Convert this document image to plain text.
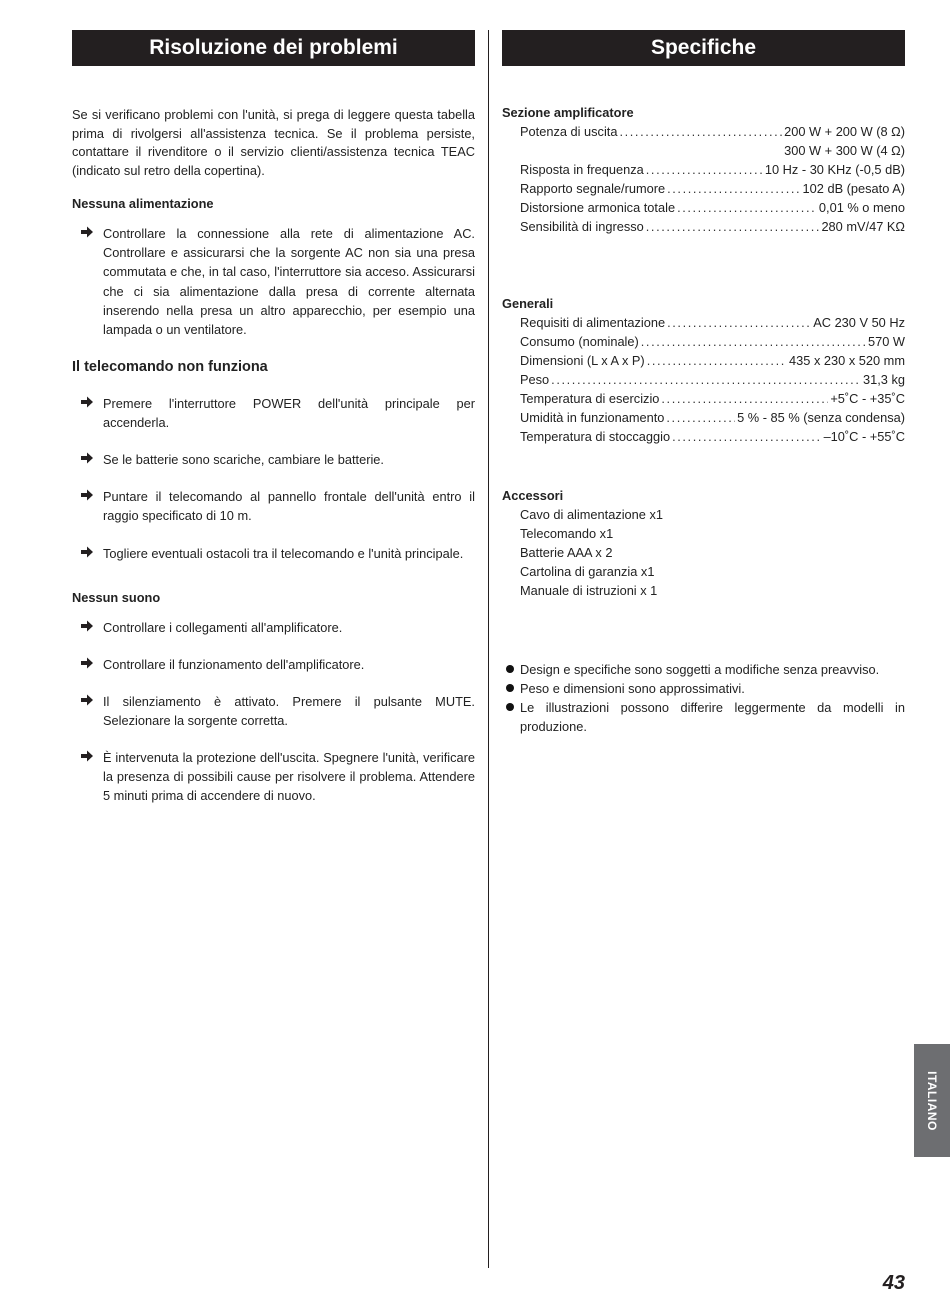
Risoluzione dei problemi

Se si verificano problemi con l'unità, si prega di leggere questa tabella prima di rivolgersi all'assistenza tecnica. Se il problema persiste, contattare il rivenditore o il servizio clienti/assistenza tecnica TEAC (indicato sul retro della copertina).

Nessuna alimentazione
Controllare la connessione alla rete di alimentazione AC. Controllare e assicurarsi che la sorgente AC non sia una presa commutata e che, in tal caso, l'interruttore sia acceso. Assicurarsi che ci sia alimentazione dalla presa di corrente alternata inserendo nella presa un altro apparecchio, per esempio una lampada o un ventilatore.
Il telecomando non funziona
Premere l'interruttore POWER dell'unità principale per accenderla.
Se le batterie sono scariche, cambiare le batterie.
Puntare il telecomando al pannello frontale dell'unità entro il raggio specificato di 10 m.
Togliere eventuali ostacoli tra il telecomando e l'unità principale.
Nessun suono
Controllare i collegamenti all'amplificatore.
Controllare il funzionamento dell'amplificatore.
Il silenziamento è attivato. Premere il pulsante MUTE. Selezionare la sorgente corretta.
È intervenuta la protezione dell'uscita. Spegnere l'unità, verificare la presenza di possibili cause per risolvere il problema. Attendere 5 minuti prima di accendere di nuovo.
Specifiche
Sezione amplificatore
Potenza di uscita .....	200 W + 200 W (8 Ω)
300 W + 300 W (4 Ω)
Risposta in frequenza .....	10 Hz - 30 KHz (-0,5 dB)
Rapporto segnale/rumore .....	102 dB (pesato A)
Distorsione armonica totale .....	0,01 % o meno
Sensibilità di ingresso .....	280 mV/47 KΩ
Generali
Requisiti di alimentazione .....	AC 230 V 50 Hz
Consumo (nominale) .....	570 W
Dimensioni (L x A x P) .....	435 x 230 x 520 mm
Peso .....	31,3 kg
Temperatura di esercizio .....	+5˚C - +35˚C
Umidità in funzionamento .....	5 % - 85 % (senza condensa)
Temperatura di stoccaggio .....	–10˚C - +55˚C
Accessori
Cavo di alimentazione x1
Telecomando x1
Batterie AAA x 2
Cartolina di garanzia x1
Manuale di istruzioni x 1
Design e specifiche sono soggetti a modifiche senza preavviso.
Peso e dimensioni sono approssimativi.
Le illustrazioni possono differire leggermente da modelli in produzione.
ITALIANO
43
